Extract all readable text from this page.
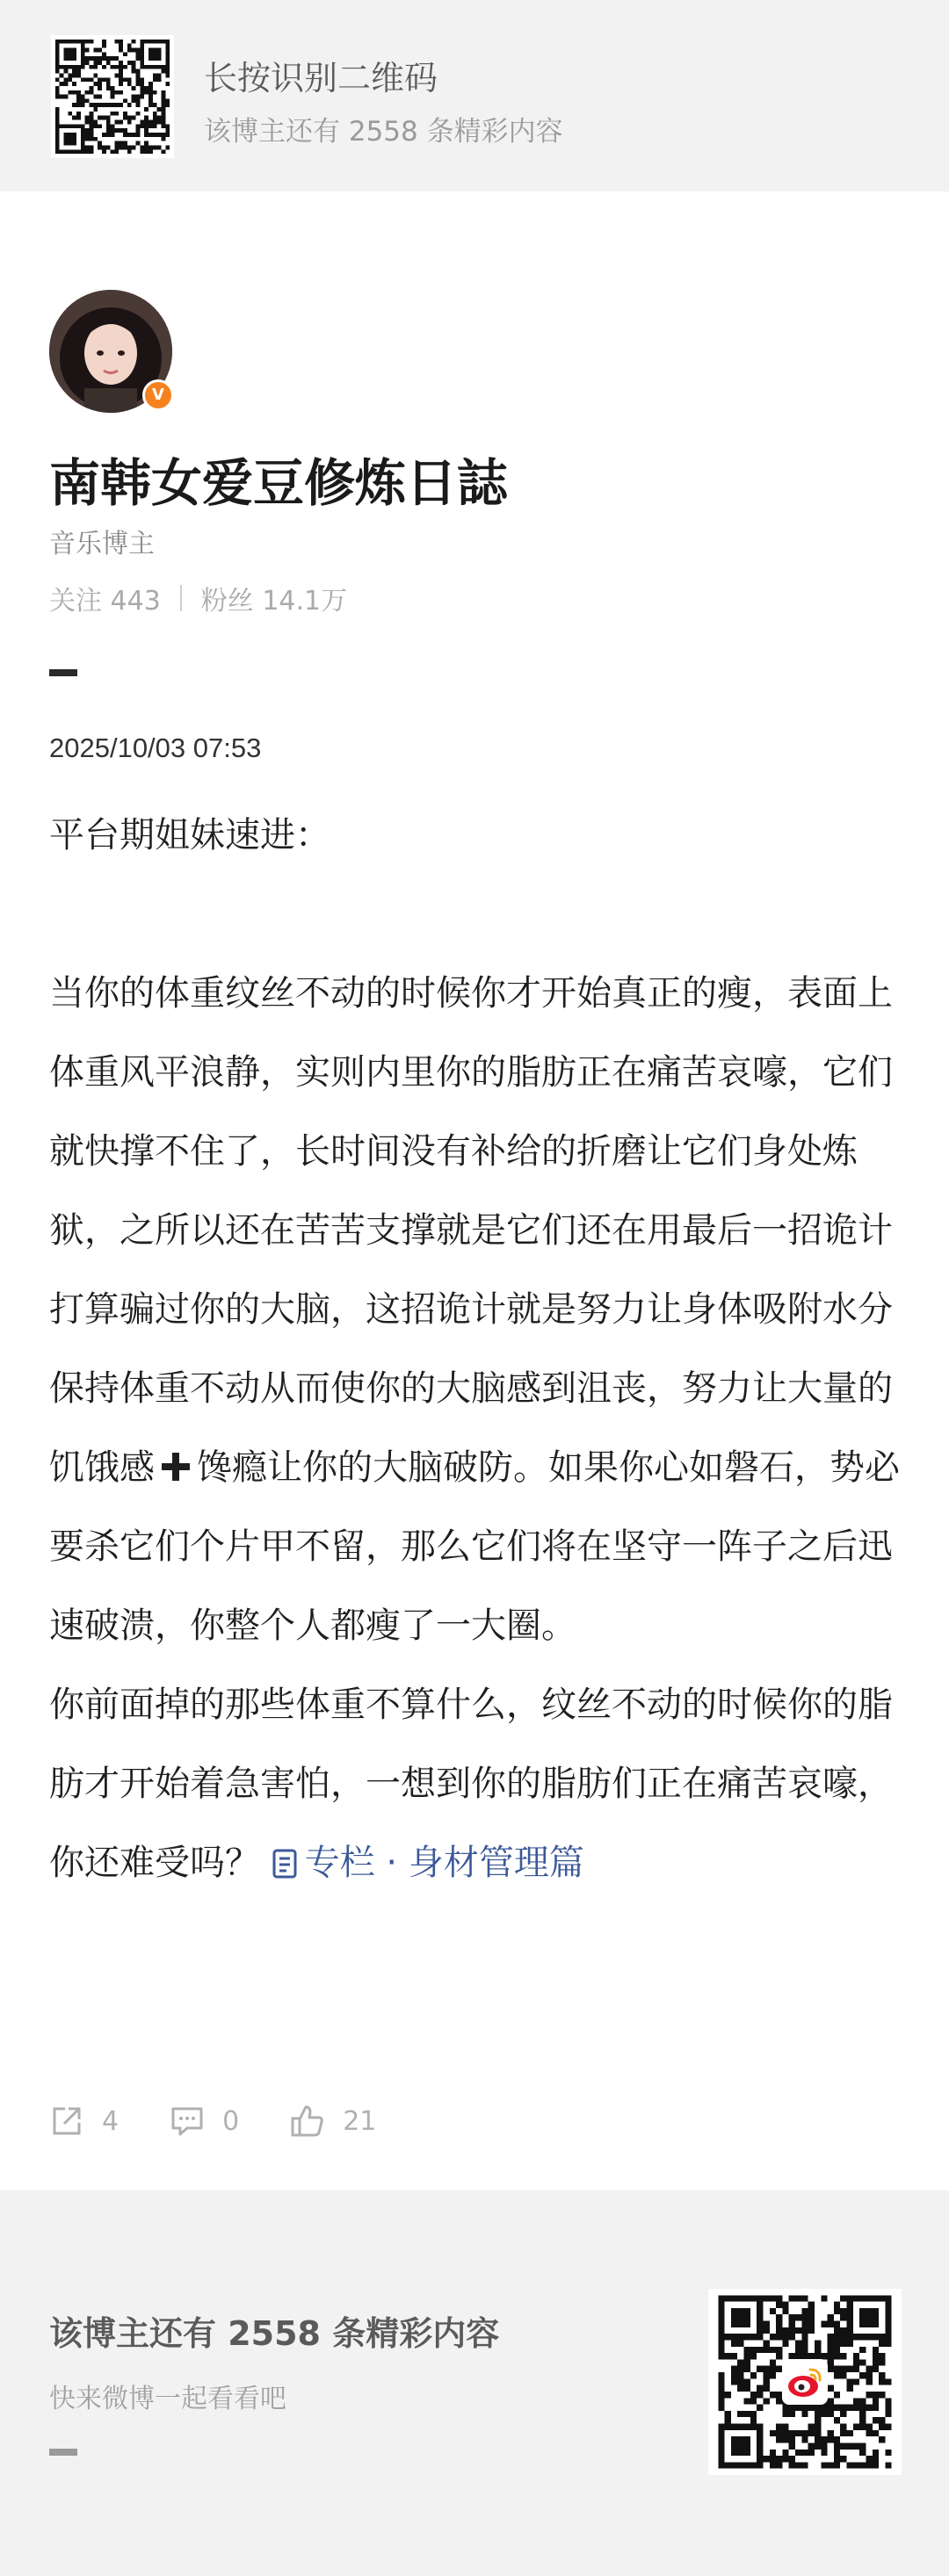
长按识别二维码
该博主还有 2558 条精彩内容
V
南韩女爱豆修炼日誌
音乐博主
关注 443 粉丝 14.1万
2025/10/03 07:53

平台期姐妹速进：

当你的体重纹丝不动的时候你才开始真正的瘦，表面上体重风平浪静，实则内里你的脂肪正在痛苦哀嚎，它们就快撑不住了，长时间没有补给的折磨让它们身处炼狱，之所以还在苦苦支撑就是它们还在用最后一招诡计打算骗过你的大脑，这招诡计就是努力让身体吸附水分保持体重不动从而使你的大脑感到沮丧，努力让大量的饥饿感 馋瘾让你的大脑破防。如果你心如磐石，势必要杀它们个片甲不留，那么它们将在坚守一阵子之后迅速破溃，你整个人都瘦了一大圈。

你前面掉的那些体重不算什么，纹丝不动的时候你的脂肪才开始着急害怕，一想到你的脂肪们正在痛苦哀嚎，你还难受吗？ 专栏 · 身材管理篇

4	0	21
该博主还有 2558 条精彩内容
快来微博一起看看吧
